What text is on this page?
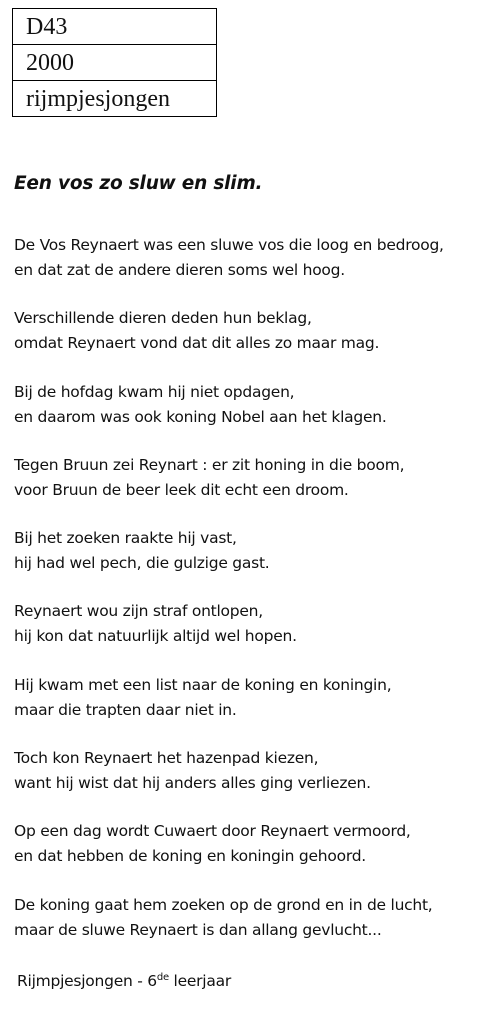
D43
2000
rijmpjesjongen
Een vos zo sluw en slim.
De Vos Reynaert was een sluwe vos die loog en bedroog,
en dat zat de andere dieren soms wel hoog.
Verschillende dieren deden hun beklag,
omdat Reynaert vond dat dit alles zo maar mag.
Bij de hofdag kwam hij niet opdagen,
en daarom was ook koning Nobel aan het klagen.
Tegen Bruun zei Reynart : er zit honing in die boom,
voor Bruun de beer leek dit echt een droom.
Bij het zoeken raakte hij vast,
hij had wel pech, die gulzige gast.
Reynaert wou zijn straf ontlopen,
hij kon dat natuurlijk altijd wel hopen.
Hij kwam met een list naar de koning en koningin,
maar die trapten daar niet in.
Toch kon Reynaert het hazenpad kiezen,
want hij wist dat hij anders alles ging verliezen.
Op een dag wordt Cuwaert door Reynaert vermoord,
en dat hebben de koning en koningin gehoord.
De koning gaat hem zoeken op de grond en in de lucht,
maar de sluwe Reynaert is dan allang gevlucht...
Rijmpjesjongen - 6de leerjaar
